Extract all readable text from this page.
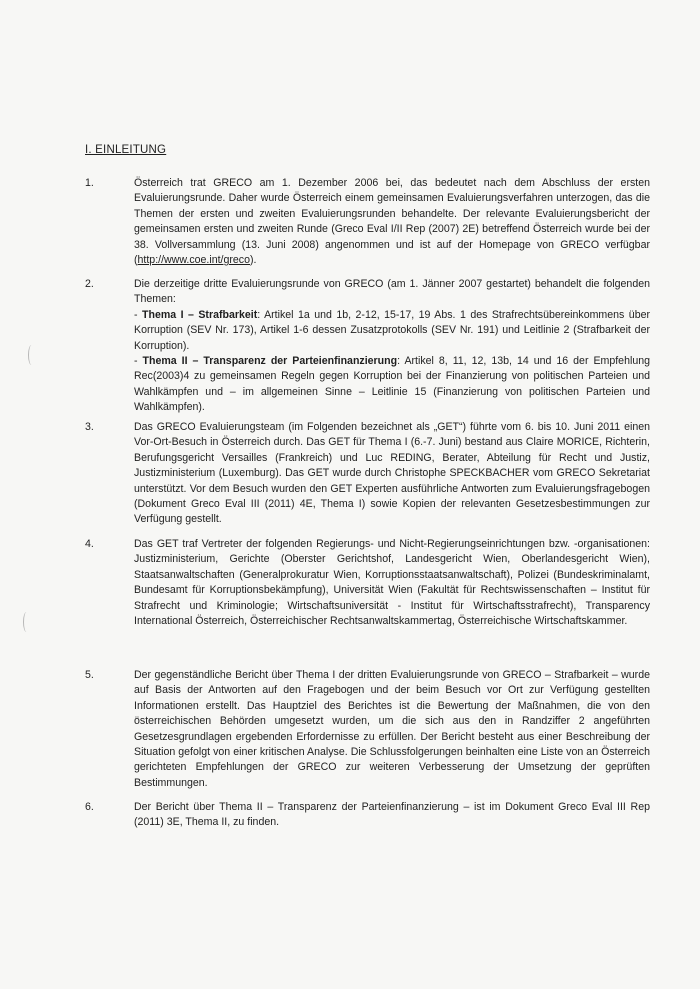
I. EINLEITUNG
1.	Österreich trat GRECO am 1. Dezember 2006 bei, das bedeutet nach dem Abschluss der ersten Evaluierungsrunde. Daher wurde Österreich einem gemeinsamen Evaluierungsverfahren unterzogen, das die Themen der ersten und zweiten Evaluierungsrunden behandelte. Der relevante Evaluierungsbericht der gemeinsamen ersten und zweiten Runde (Greco Eval I/II Rep (2007) 2E) betreffend Österreich wurde bei der 38. Vollversammlung (13. Juni 2008) angenommen und ist auf der Homepage von GRECO verfügbar (http://www.coe.int/greco).

2.	Die derzeitige dritte Evaluierungsrunde von GRECO (am 1. Jänner 2007 gestartet) behandelt die folgenden Themen:

- Thema I – Strafbarkeit: Artikel 1a und 1b, 2-12, 15-17, 19 Abs. 1 des Strafrechtsübereinkommens über Korruption (SEV Nr. 173), Artikel 1-6 dessen Zusatzprotokolls (SEV Nr. 191) und Leitlinie 2 (Strafbarkeit der Korruption).

- Thema II – Transparenz der Parteienfinanzierung: Artikel 8, 11, 12, 13b, 14 und 16 der Empfehlung Rec(2003)4 zu gemeinsamen Regeln gegen Korruption bei der Finanzierung von politischen Parteien und Wahlkämpfen und – im allgemeinen Sinne – Leitlinie 15 (Finanzierung von politischen Parteien und Wahlkämpfen).

3.	Das GRECO Evaluierungsteam (im Folgenden bezeichnet als „GET“) führte vom 6. bis 10. Juni 2011 einen Vor-Ort-Besuch in Österreich durch. Das GET für Thema I (6.-7. Juni) bestand aus Claire MORICE, Richterin, Berufungsgericht Versailles (Frankreich) und Luc REDING, Berater, Abteilung für Recht und Justiz, Justizministerium (Luxemburg). Das GET wurde durch Christophe SPECKBACHER vom GRECO Sekretariat unterstützt. Vor dem Besuch wurden den GET Experten ausführliche Antworten zum Evaluierungsfragebogen (Dokument Greco Eval III (2011) 4E, Thema I) sowie Kopien der relevanten Gesetzesbestimmungen zur Verfügung gestellt.
4.	Das GET traf Vertreter der folgenden Regierungs- und Nicht-Regierungseinrichtungen bzw. -organisationen: Justizministerium, Gerichte (Oberster Gerichtshof, Landesgericht Wien, Oberlandesgericht Wien), Staatsanwaltschaften (Generalprokuratur Wien, Korruptionsstaatsanwaltschaft), Polizei (Bundeskriminalamt, Bundesamt für Korruptionsbekämpfung), Universität Wien (Fakultät für Rechtswissenschaften – Institut für Strafrecht und Kriminologie; Wirtschaftsuniversität - Institut für Wirtschaftsstrafrecht), Transparency International Österreich, Österreichischer Rechtsanwaltskammertag, Österreichische Wirtschaftskammer.
5.	Der gegenständliche Bericht über Thema I der dritten Evaluierungsrunde von GRECO – Strafbarkeit – wurde auf Basis der Antworten auf den Fragebogen und der beim Besuch vor Ort zur Verfügung gestellten Informationen erstellt. Das Hauptziel des Berichtes ist die Bewertung der Maßnahmen, die von den österreichischen Behörden umgesetzt wurden, um die sich aus den in Randziffer 2 angeführten Gesetzesgrundlagen ergebenden Erfordernisse zu erfüllen. Der Bericht besteht aus einer Beschreibung der Situation gefolgt von einer kritischen Analyse. Die Schlussfolgerungen beinhalten eine Liste von an Österreich gerichteten Empfehlungen der GRECO zur weiteren Verbesserung der Umsetzung der geprüften Bestimmungen.
6.	Der Bericht über Thema II – Transparenz der Parteienfinanzierung – ist im Dokument Greco Eval III Rep (2011) 3E, Thema II, zu finden.
